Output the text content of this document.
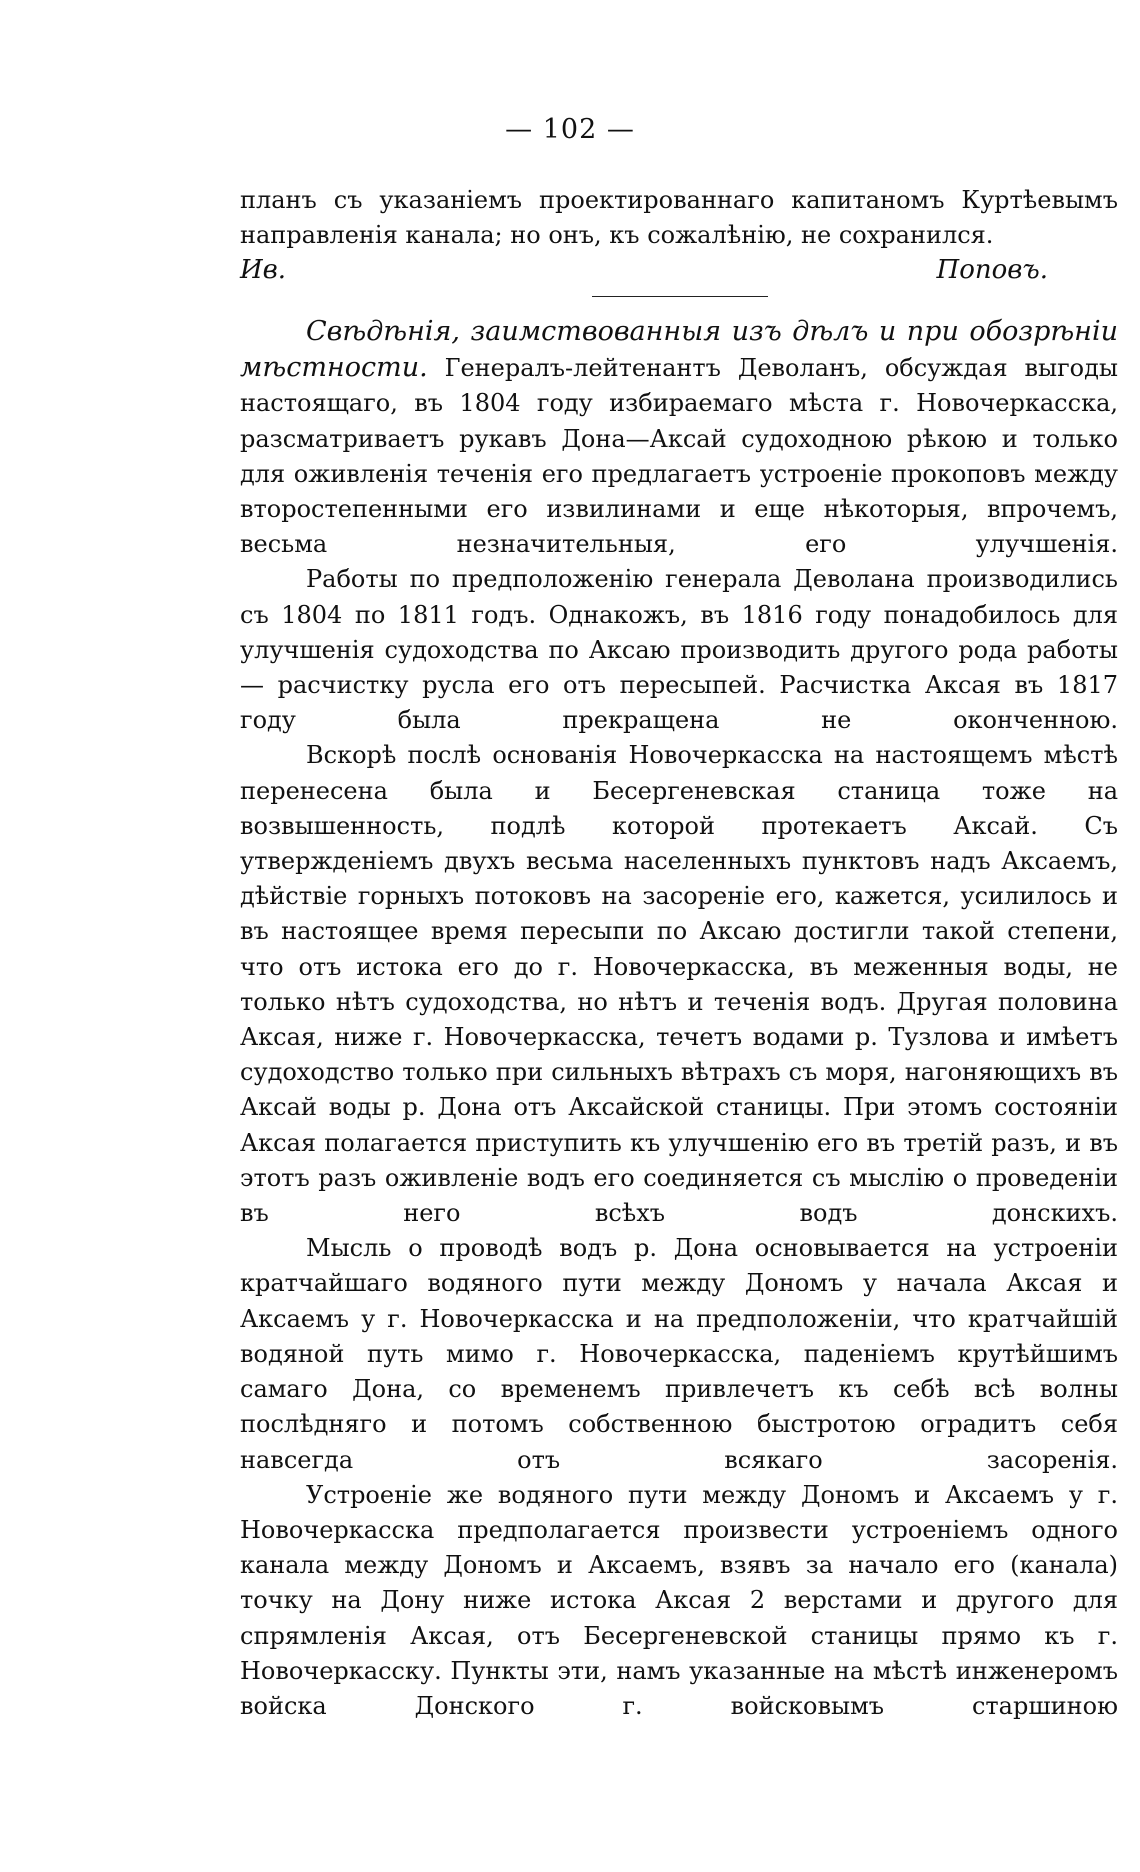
— 102 —

планъ съ указаніемъ проектированнаго капитаномъ Куртѣевымъ направленія канала; но онъ, къ сожалѣнію, не сохранился.

Ив. Поповъ.

Свѣдѣнія, заимствованныя изъ дѣлъ и при обозрѣніи мѣстности. Генералъ-лейтенантъ Деволанъ, обсуждая выгоды настоящаго, въ 1804 году избираемаго мѣста г. Новочеркасска, разсматриваетъ рукавъ Дона—Аксай судоходною рѣкою и только для оживленія теченія его предлагаетъ устроеніе прокоповъ между второстепенными его извилинами и еще нѣкоторыя, впрочемъ, весьма незначительныя, его улучшенія.

Работы по предположенію генерала Деволана производились съ 1804 по 1811 годъ. Однакожъ, въ 1816 году понадобилось для улучшенія судоходства по Аксаю производить другого рода работы — расчистку русла его отъ пересыпей. Расчистка Аксая въ 1817 году была прекращена не оконченною.

Вскорѣ послѣ основанія Новочеркасска на настоящемъ мѣстѣ перенесена была и Бесергеневская станица тоже на возвышенность, подлѣ которой протекаетъ Аксай. Съ утвержденіемъ двухъ весьма населенныхъ пунктовъ надъ Аксаемъ, дѣйствіе горныхъ потоковъ на засореніе его, кажется, усилилось и въ настоящее время пересыпи по Аксаю достигли такой степени, что отъ истока его до г. Новочеркасска, въ меженныя воды, не только нѣтъ судоходства, но нѣтъ и теченія водъ. Другая половина Аксая, ниже г. Новочеркасска, течетъ водами р. Тузлова и имѣетъ судоходство только при сильныхъ вѣтрахъ съ моря, нагоняющихъ въ Аксай воды р. Дона отъ Аксайской станицы. При этомъ состояніи Аксая полагается приступить къ улучшенію его въ третій разъ, и въ этотъ разъ оживленіе водъ его соединяется съ мыслію о проведеніи въ него всѣхъ водъ донскихъ.

Мысль о проводѣ водъ р. Дона основывается на устроеніи кратчайшаго водяного пути между Дономъ у начала Аксая и Аксаемъ у г. Новочеркасска и на предположеніи, что кратчайшій водяной путь мимо г. Новочеркасска, паденіемъ крутѣйшимъ самаго Дона, со временемъ привлечетъ къ себѣ всѣ волны послѣдняго и потомъ собственною быстротою оградитъ себя навсегда отъ всякаго засоренія.

Устроеніе же водяного пути между Дономъ и Аксаемъ у г. Новочеркасска предполагается произвести устроеніемъ одного канала между Дономъ и Аксаемъ, взявъ за начало его (канала) точку на Дону ниже истока Аксая 2 верстами и другого для спрямленія Аксая, отъ Бесергеневской станицы прямо къ г. Новочеркасску. Пункты эти, намъ указанные на мѣстѣ инженеромъ войска Донского г. войсковымъ старшиною
